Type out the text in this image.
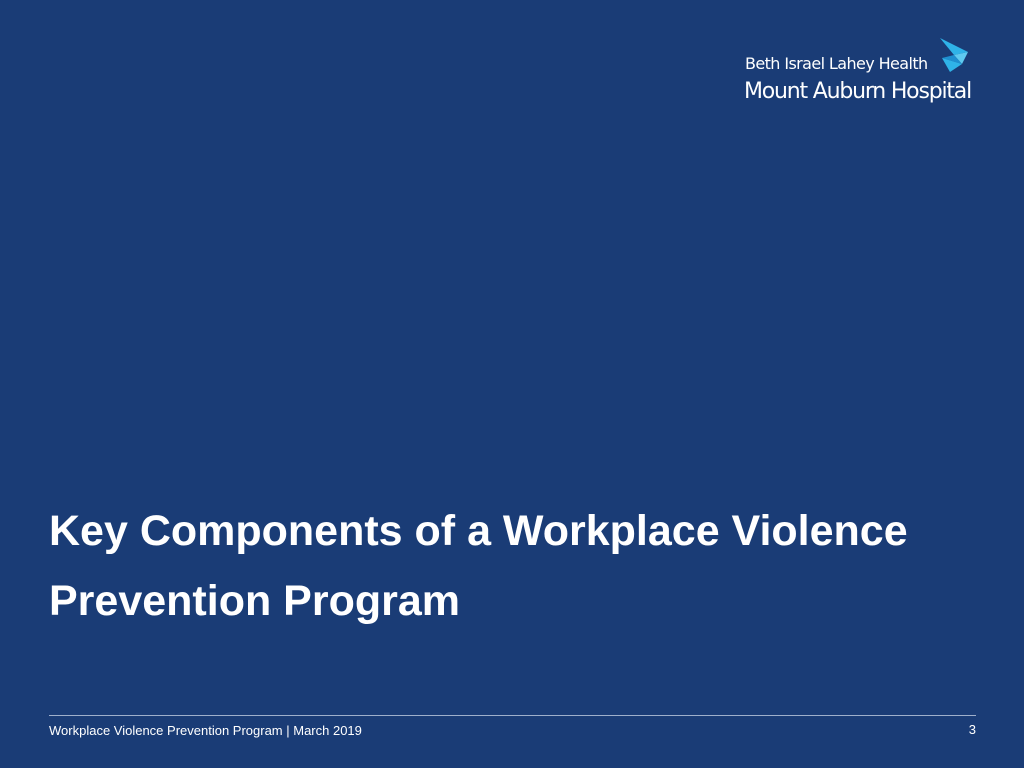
Beth Israel Lahey Health
Mount Auburn Hospital
Key Components of a Workplace Violence Prevention Program
Workplace Violence Prevention Program | March 2019	3
